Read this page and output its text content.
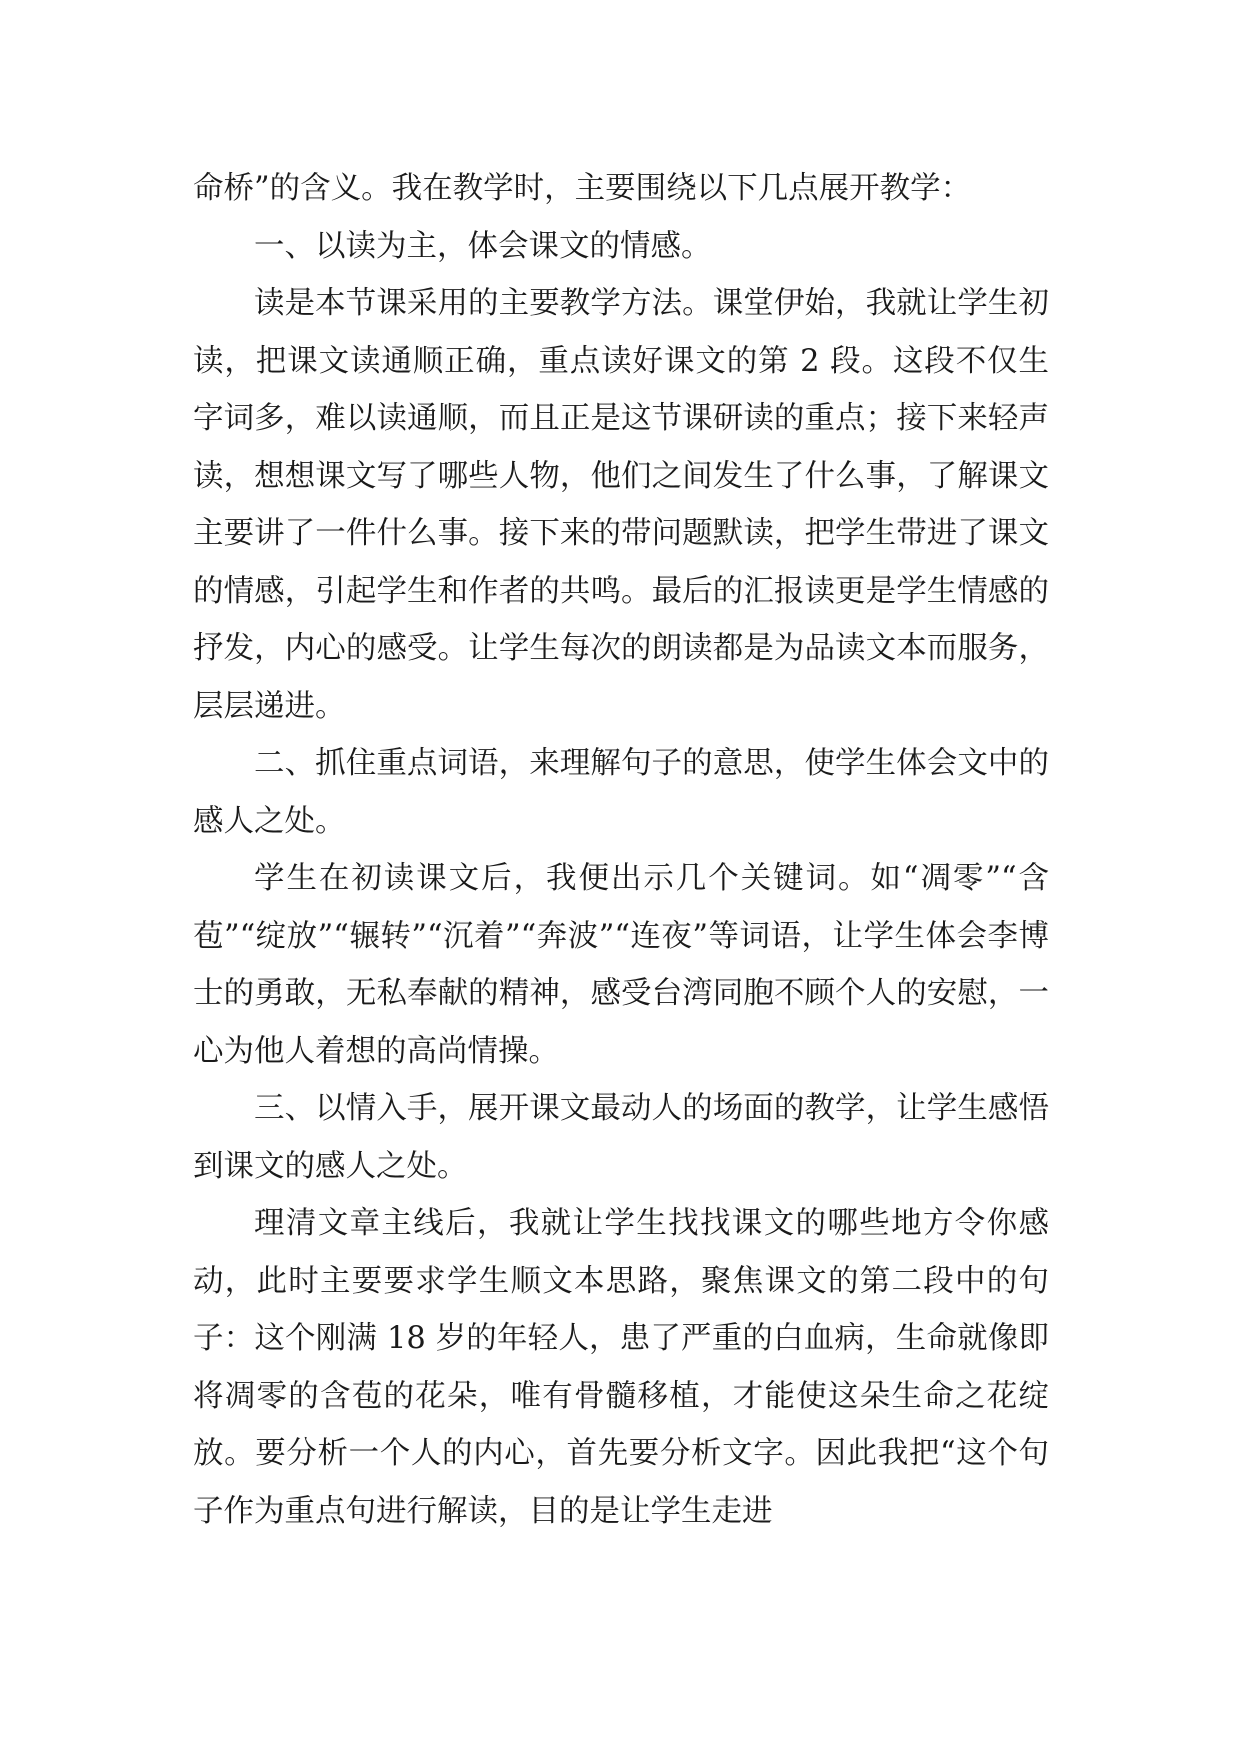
命桥”的含义。我在教学时，主要围绕以下几点展开教学：

一、以读为主，体会课文的情感。

读是本节课采用的主要教学方法。课堂伊始，我就让学生初读，把课文读通顺正确，重点读好课文的第 2 段。这段不仅生字词多，难以读通顺，而且正是这节课研读的重点；接下来轻声读，想想课文写了哪些人物，他们之间发生了什么事，了解课文主要讲了一件什么事。接下来的带问题默读，把学生带进了课文的情感，引起学生和作者的共鸣。最后的汇报读更是学生情感的抒发，内心的感受。让学生每次的朗读都是为品读文本而服务，层层递进。

二、抓住重点词语，来理解句子的意思，使学生体会文中的感人之处。

学生在初读课文后，我便出示几个关键词。如“凋零”“含苞”“绽放”“辗转”“沉着”“奔波”“连夜”等词语，让学生体会李博士的勇敢，无私奉献的精神，感受台湾同胞不顾个人的安慰，一心为他人着想的高尚情操。

三、以情入手，展开课文最动人的场面的教学，让学生感悟到课文的感人之处。

理清文章主线后，我就让学生找找课文的哪些地方令你感动，此时主要要求学生顺文本思路，聚焦课文的第二段中的句子：这个刚满 18 岁的年轻人，患了严重的白血病，生命就像即将凋零的含苞的花朵，唯有骨髓移植，才能使这朵生命之花绽放。要分析一个人的内心，首先要分析文字。因此我把“这个句子作为重点句进行解读，目的是让学生走进
